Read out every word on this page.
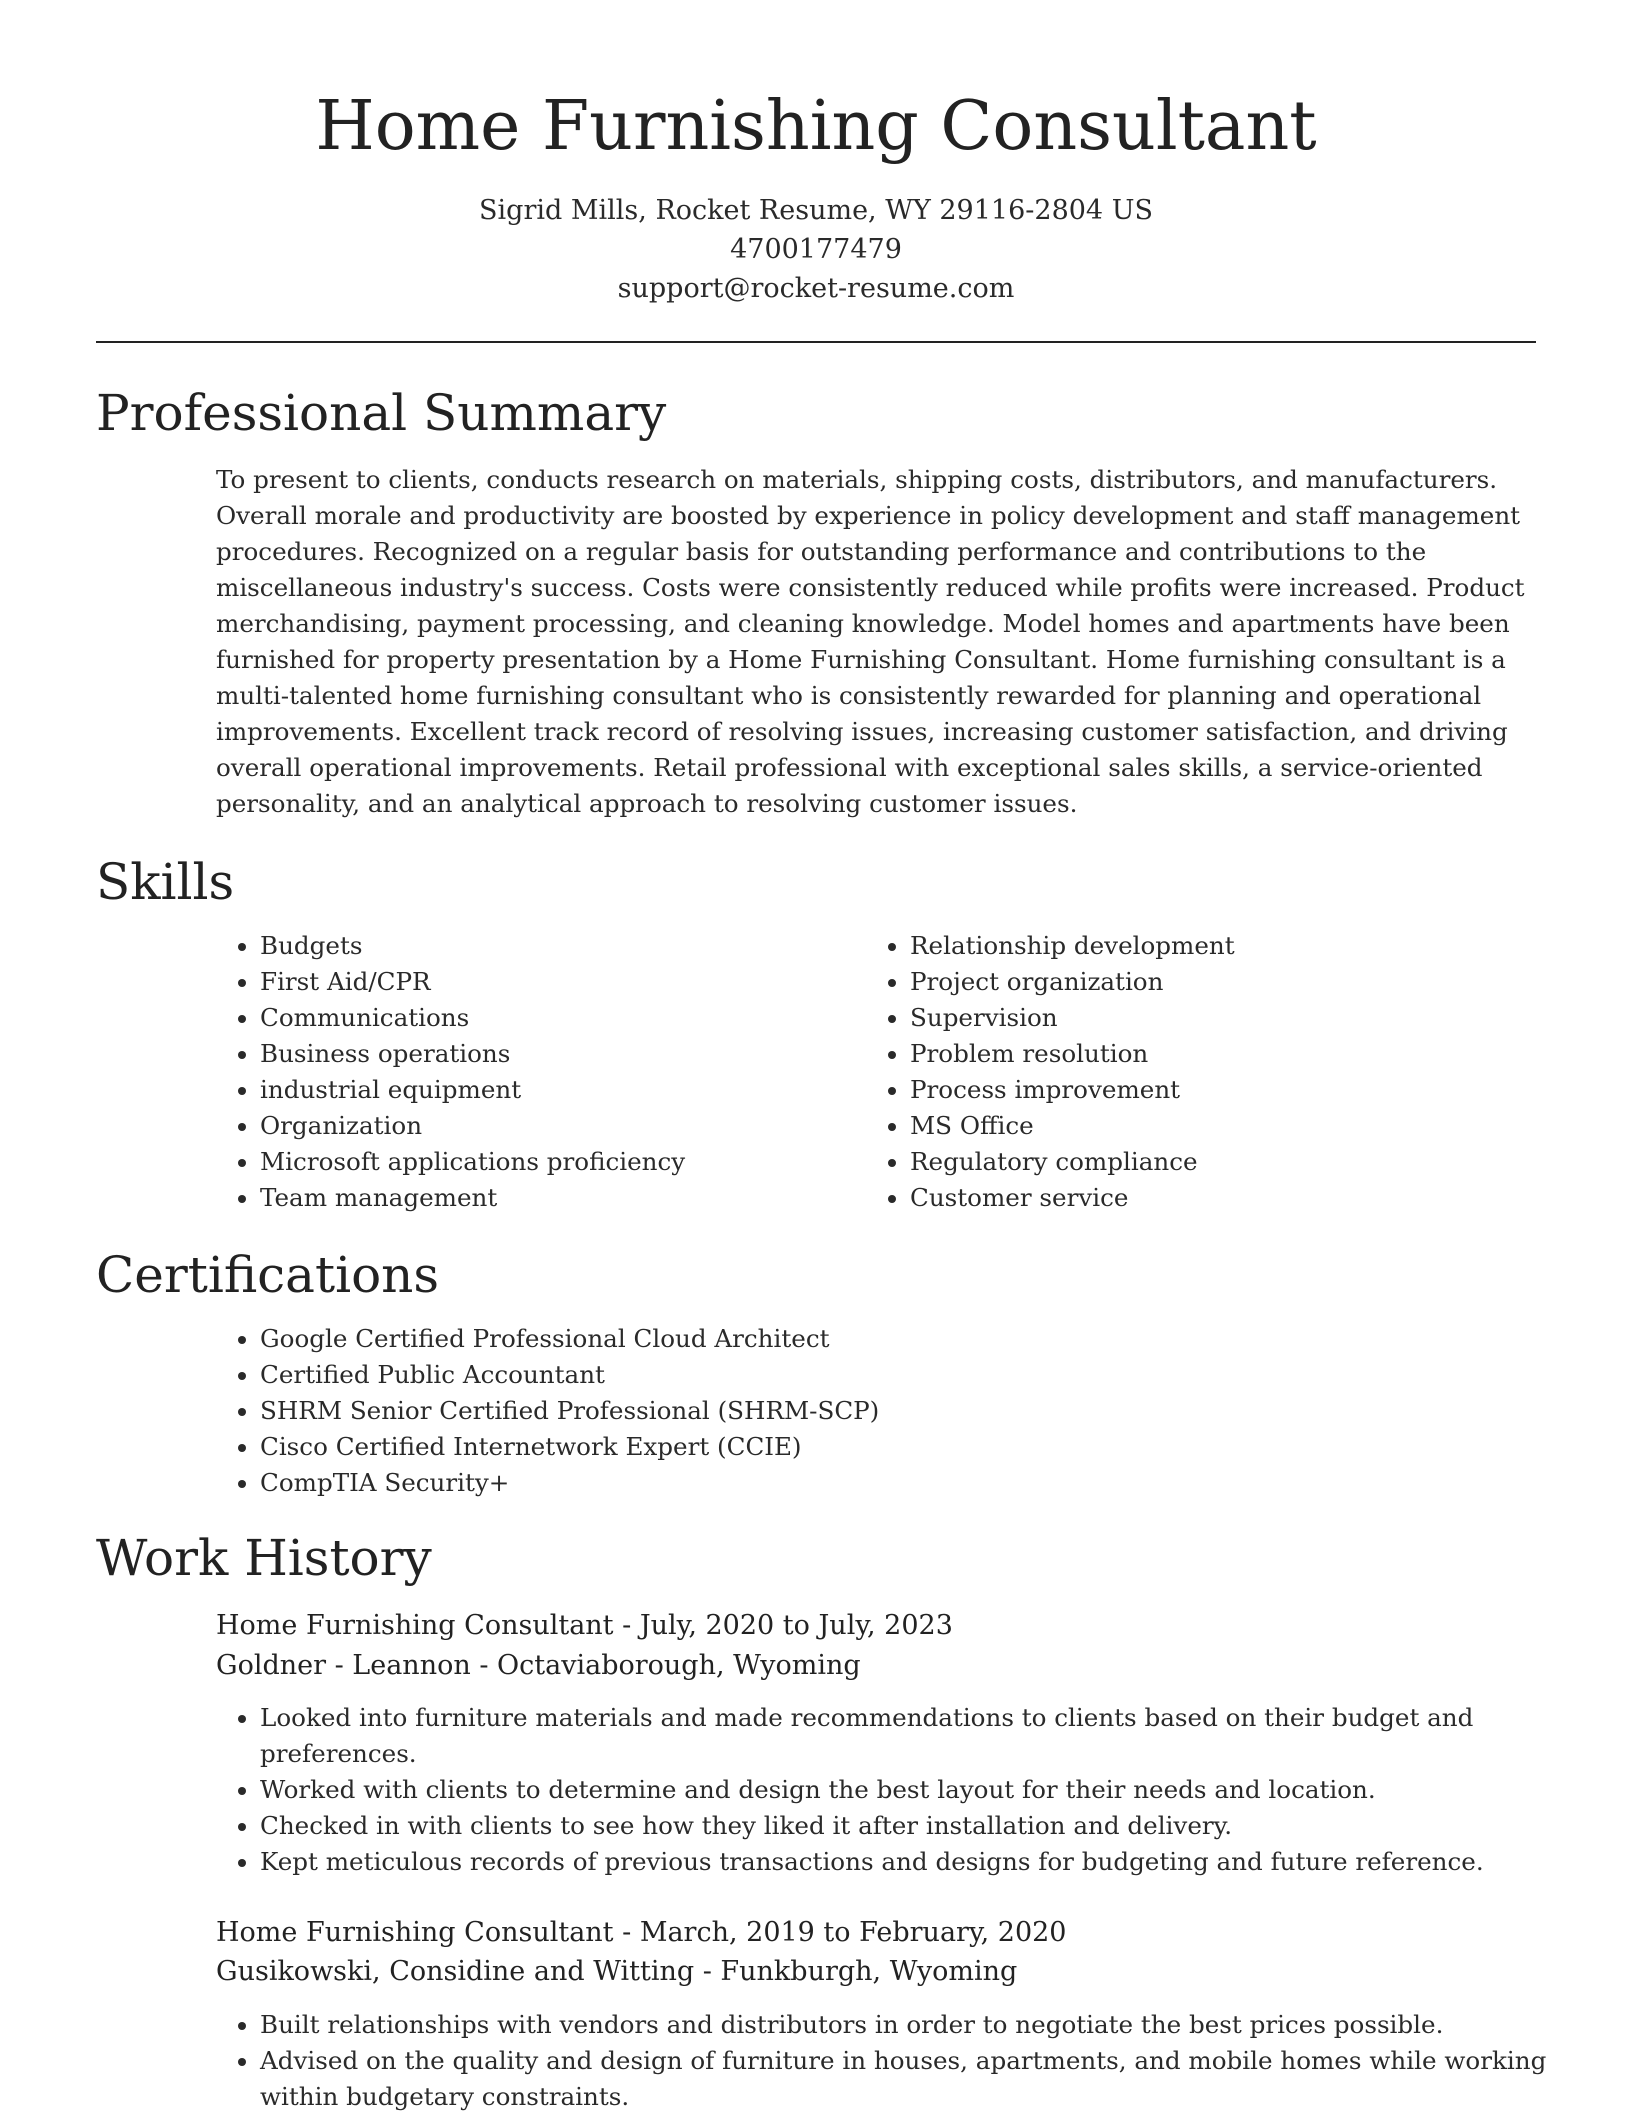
Home Furnishing Consultant
Sigrid Mills, Rocket Resume, WY 29116-2804 US
4700177479
support@rocket-resume.com
Professional Summary

To present to clients, conducts research on materials, shipping costs, distributors, and manufacturers. Overall morale and productivity are boosted by experience in policy development and staff management procedures. Recognized on a regular basis for outstanding performance and contributions to the miscellaneous industry's success. Costs were consistently reduced while profits were increased. Product merchandising, payment processing, and cleaning knowledge. Model homes and apartments have been furnished for property presentation by a Home Furnishing Consultant. Home furnishing consultant is a multi-talented home furnishing consultant who is consistently rewarded for planning and operational improvements. Excellent track record of resolving issues, increasing customer satisfaction, and driving overall operational improvements. Retail professional with exceptional sales skills, a service-oriented personality, and an analytical approach to resolving customer issues.

Skills
• Budgets
• First Aid/CPR
• Communications
• Business operations
• industrial equipment
• Organization
• Microsoft applications proficiency
• Team management
• Relationship development
• Project organization
• Supervision
• Problem resolution
• Process improvement
• MS Office
• Regulatory compliance
• Customer service
Certifications
• Google Certified Professional Cloud Architect
• Certified Public Accountant
• SHRM Senior Certified Professional (SHRM-SCP)
• Cisco Certified Internetwork Expert (CCIE)
• CompTIA Security+
Work History
Home Furnishing Consultant - July, 2020 to July, 2023
Goldner - Leannon - Octaviaborough, Wyoming
• Looked into furniture materials and made recommendations to clients based on their budget and preferences.
• Worked with clients to determine and design the best layout for their needs and location.
• Checked in with clients to see how they liked it after installation and delivery.
• Kept meticulous records of previous transactions and designs for budgeting and future reference.
Home Furnishing Consultant - March, 2019 to February, 2020
Gusikowski, Considine and Witting - Funkburgh, Wyoming
• Built relationships with vendors and distributors in order to negotiate the best prices possible.
• Advised on the quality and design of furniture in houses, apartments, and mobile homes while working within budgetary constraints.
